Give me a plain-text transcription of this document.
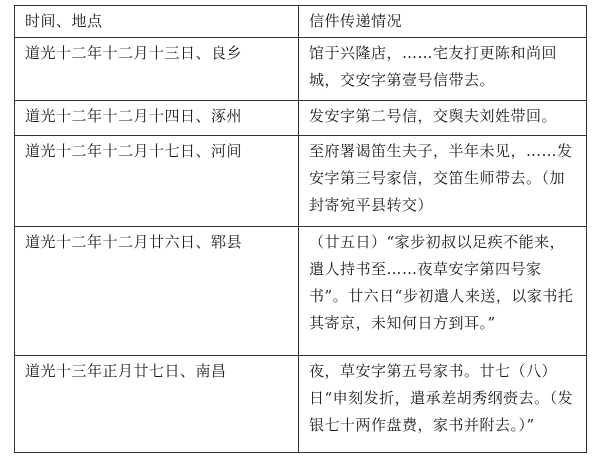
时间、地点	信件传递情况
道光十二年十二月十三日、良乡	馆于兴隆店，……宅友打更陈和尚回城，交安字第壹号信带去。

道光十二年十二月十四日、涿州	发安字第二号信，交舆夫刘姓带回。

道光十二年十二月十七日、河间	至府署谒笛生夫子，半年未见，……发安字第三号家信，交笛生师带去。（加封寄宛平县转交）

道光十二年十二月廿六日、郓县	（廿五日）“家步初叔以足疾不能来，遣人持书至……夜草安字第四号家书”。廿六日“步初遣人来送，以家书托其寄京，未知何日方到耳。”

道光十三年正月廿七日、南昌	夜，草安字第五号家书。廿七（八）日“申刻发折，遣承差胡秀纲赍去。（发银七十两作盘费，家书并附去。）”
